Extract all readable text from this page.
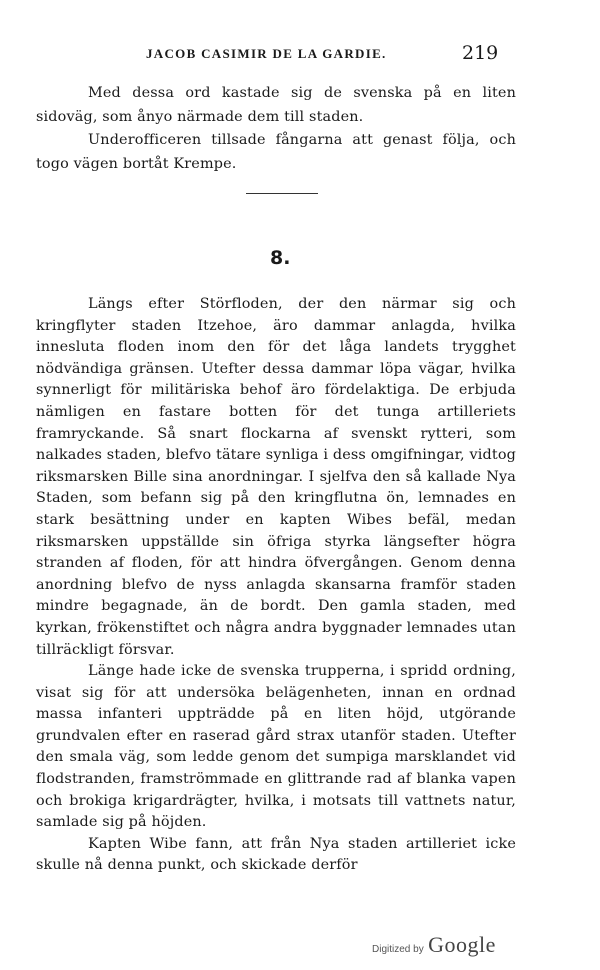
JACOB CASIMIR DE LA GARDIE.	219

Med dessa ord kastade sig de svenska på en liten sidoväg, som ånyo närmade dem till staden.

Underofficeren tillsade fångarna att genast följa, och togo vägen bortåt Krempe.

8.

Längs efter Störfloden, der den närmar sig och kringflyter staden Itzehoe, äro dammar anlagda, hvilka innesluta floden inom den för det låga landets trygghet nödvändiga gränsen. Utefter dessa dammar löpa vägar, hvilka synnerligt för militäriska behof äro fördelaktiga. De erbjuda nämligen en fastare botten för det tunga artilleriets framryckande. Så snart flockarna af svenskt rytteri, som nalkades staden, blefvo tätare synliga i dess omgifningar, vidtog riksmarsken Bille sina anordningar. I sjelfva den så kallade Nya Staden, som befann sig på den kringflutna ön, lemnades en stark besättning under en kapten Wibes befäl, medan riksmarsken uppställde sin öfriga styrka längsefter högra stranden af floden, för att hindra öfvergången. Genom denna anordning blefvo de nyss anlagda skansarna framför staden mindre begagnade, än de bordt. Den gamla staden, med kyrkan, frökenstiftet och några andra byggnader lemnades utan tillräckligt försvar.

Länge hade icke de svenska trupperna, i spridd ordning, visat sig för att undersöka belägenheten, innan en ordnad massa infanteri uppträdde på en liten höjd, utgörande grundvalen efter en raserad gård strax utanför staden. Utefter den smala väg, som ledde genom det sumpiga marsklandet vid flodstranden, framströmmade en glittrande rad af blanka vapen och brokiga krigardrägter, hvilka, i motsats till vattnets natur, samlade sig på höjden.

Kapten Wibe fann, att från Nya staden artilleriet icke skulle nå denna punkt, och skickade derför

Digitized by Google
